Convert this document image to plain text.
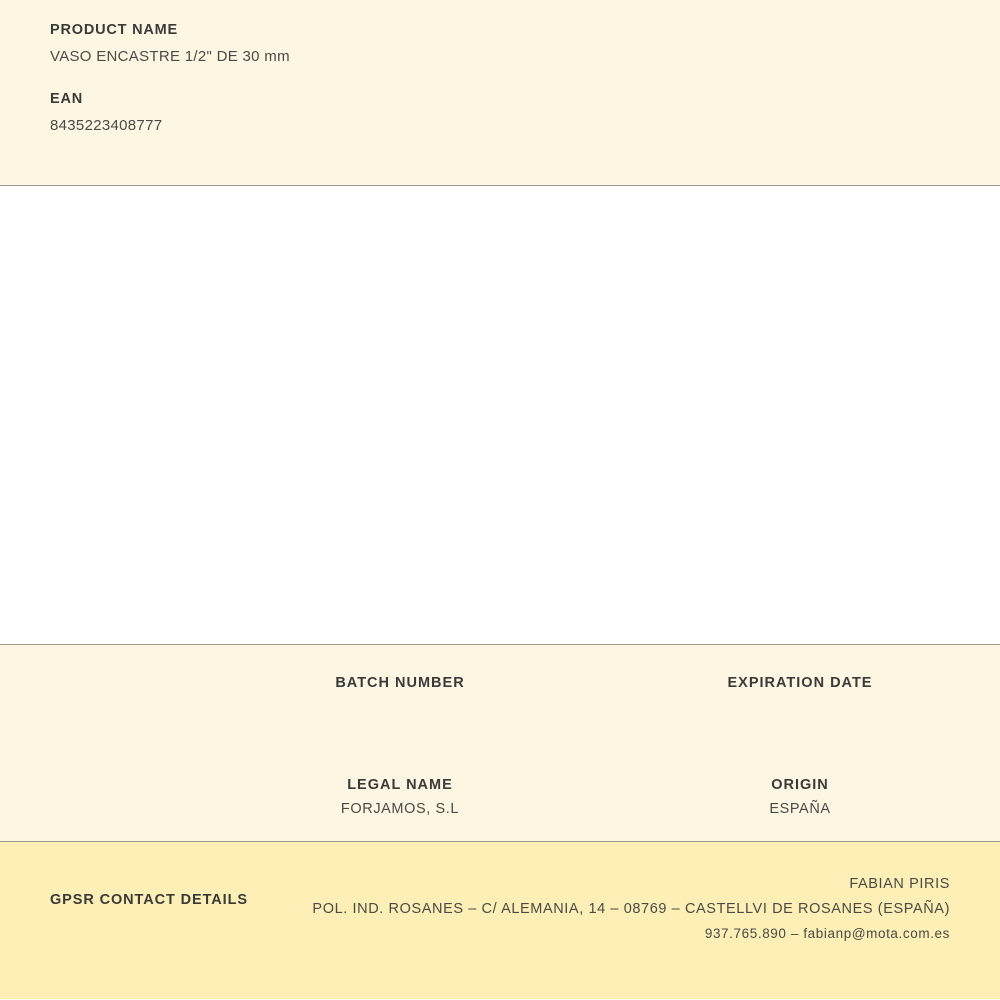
PRODUCT NAME

VASO ENCASTRE 1/2" DE 30 mm

EAN

8435223408777

BATCH NUMBER	EXPIRATION DATE

LEGAL NAME

FORJAMOS, S.L

ORIGIN

ESPAÑA

GPSR CONTACT DETAILS

FABIAN PIRIS

POL. IND. ROSANES – C/ ALEMANIA, 14 – 08769 – CASTELLVI DE ROSANES (ESPAÑA)

937.765.890 – fabianp@mota.com.es
